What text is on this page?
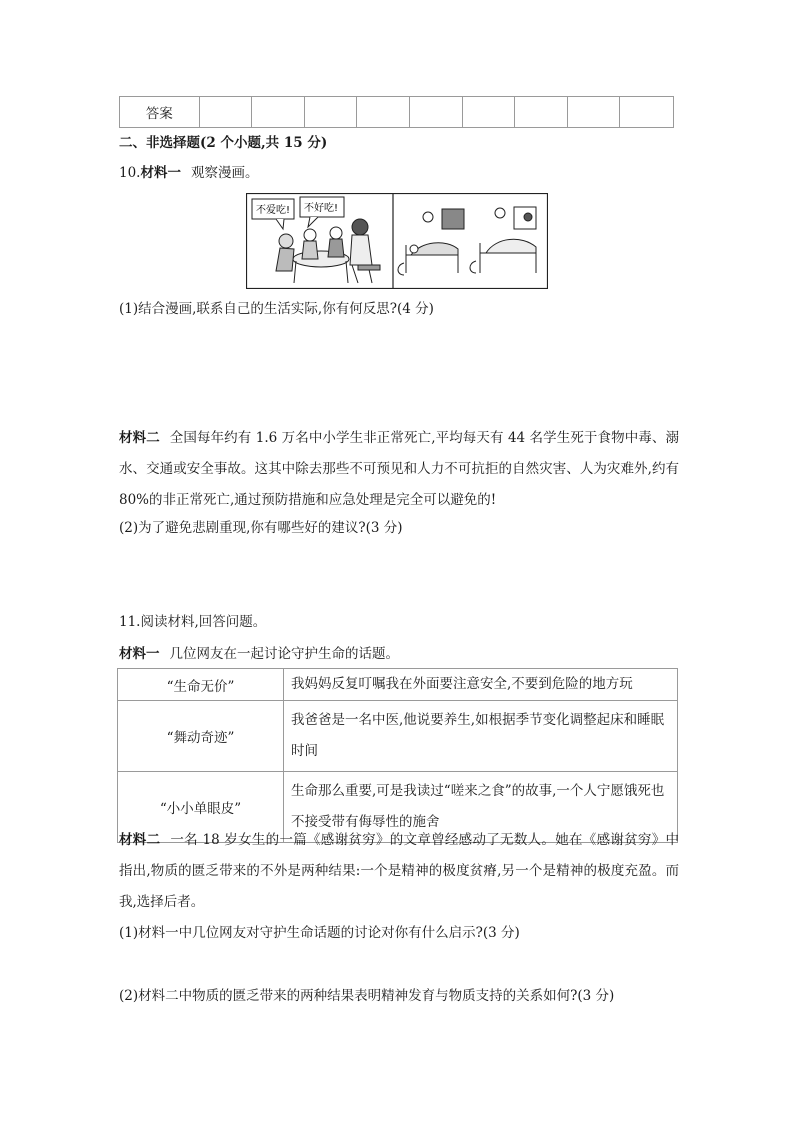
答案									
二、非选择题(2 个小题,共 15 分)
10.材料一 观察漫画。
不爱吃! 不好吃!
(1)结合漫画,联系自己的生活实际,你有何反思?(4 分)
材料二 全国每年约有 1.6 万名中小学生非正常死亡,平均每天有 44 名学生死于食物中毒、溺水、交通或安全事故。这其中除去那些不可预见和人力不可抗拒的自然灾害、人为灾难外,约有 80%的非正常死亡,通过预防措施和应急处理是完全可以避免的!
(2)为了避免悲剧重现,你有哪些好的建议?(3 分)
11.阅读材料,回答问题。
材料一 几位网友在一起讨论守护生命的话题。
“生命无价”	我妈妈反复叮嘱我在外面要注意安全,不要到危险的地方玩
“舞动奇迹”	我爸爸是一名中医,他说要养生,如根据季节变化调整起床和睡眠时间
“小小单眼皮”	生命那么重要,可是我读过“嗟来之食”的故事,一个人宁愿饿死也不接受带有侮辱性的施舍
材料二 一名 18 岁女生的一篇《感谢贫穷》的文章曾经感动了无数人。她在《感谢贫穷》中指出,物质的匮乏带来的不外是两种结果:一个是精神的极度贫瘠,另一个是精神的极度充盈。而我,选择后者。
(1)材料一中几位网友对守护生命话题的讨论对你有什么启示?(3 分)
(2)材料二中物质的匮乏带来的两种结果表明精神发育与物质支持的关系如何?(3 分)
